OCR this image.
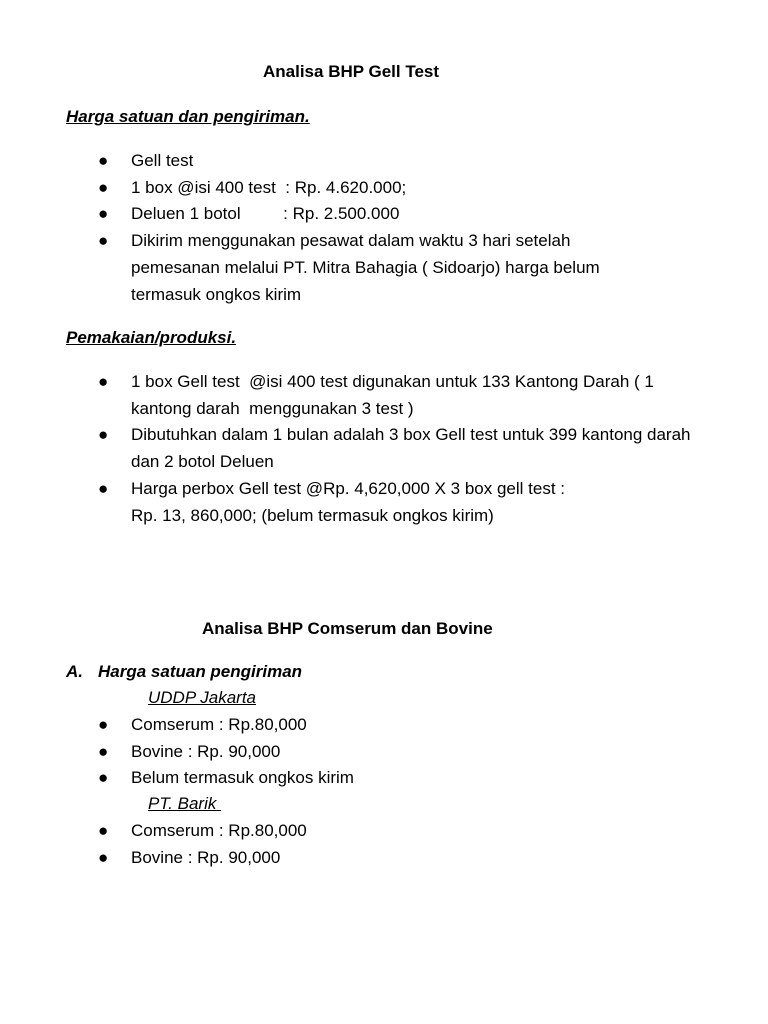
Analisa BHP Gell Test
Harga satuan dan pengiriman.
● Gell test
● 1 box @isi 400 test  : Rp. 4.620.000;
● Deluen 1 botol         : Rp. 2.500.000
● Dikirim menggunakan pesawat dalam waktu 3 hari setelah pemesanan melalui PT. Mitra Bahagia ( Sidoarjo) harga belum termasuk ongkos kirim
Pemakaian/produksi.
● 1 box Gell test  @isi 400 test digunakan untuk 133 Kantong Darah ( 1 kantong darah  menggunakan 3 test )
● Dibutuhkan dalam 1 bulan adalah 3 box Gell test untuk 399 kantong darah dan 2 botol Deluen
● Harga perbox Gell test @Rp. 4,620,000 X 3 box gell test :
Rp. 13, 860,000; (belum termasuk ongkos kirim)
Analisa BHP Comserum dan Bovine
A. Harga satuan pengiriman
UDDP Jakarta
● Comserum : Rp.80,000
● Bovine : Rp. 90,000
● Belum termasuk ongkos kirim
PT. Barik
● Comserum : Rp.80,000
● Bovine : Rp. 90,000
